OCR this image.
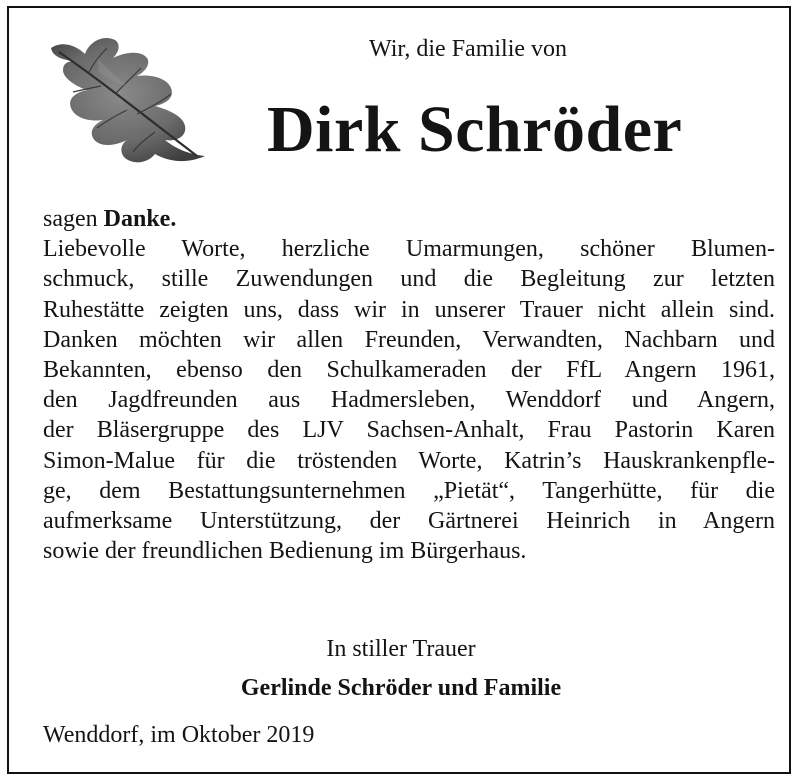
Wir, die Familie von
Dirk Schröder
sagen Danke.
Liebevolle Worte, herzliche Umarmungen, schöner Blumen-
schmuck, stille Zuwendungen und die Begleitung zur letzten
Ruhestätte zeigten uns, dass wir in unserer Trauer nicht allein sind.
Danken möchten wir allen Freunden, Verwandten, Nachbarn und
Bekannten, ebenso den Schulkameraden der FfL Angern 1961,
den Jagdfreunden aus Hadmersleben, Wenddorf und Angern,
der Bläsergruppe des LJV Sachsen-Anhalt, Frau Pastorin Karen
Simon-Malue für die tröstenden Worte, Katrin’s Hauskrankenpfle-
ge, dem Bestattungsunternehmen „Pietät“, Tangerhütte, für die
aufmerksame Unterstützung, der Gärtnerei Heinrich in Angern
sowie der freundlichen Bedienung im Bürgerhaus.
In stiller Trauer
Gerlinde Schröder und Familie
Wenddorf, im Oktober 2019
